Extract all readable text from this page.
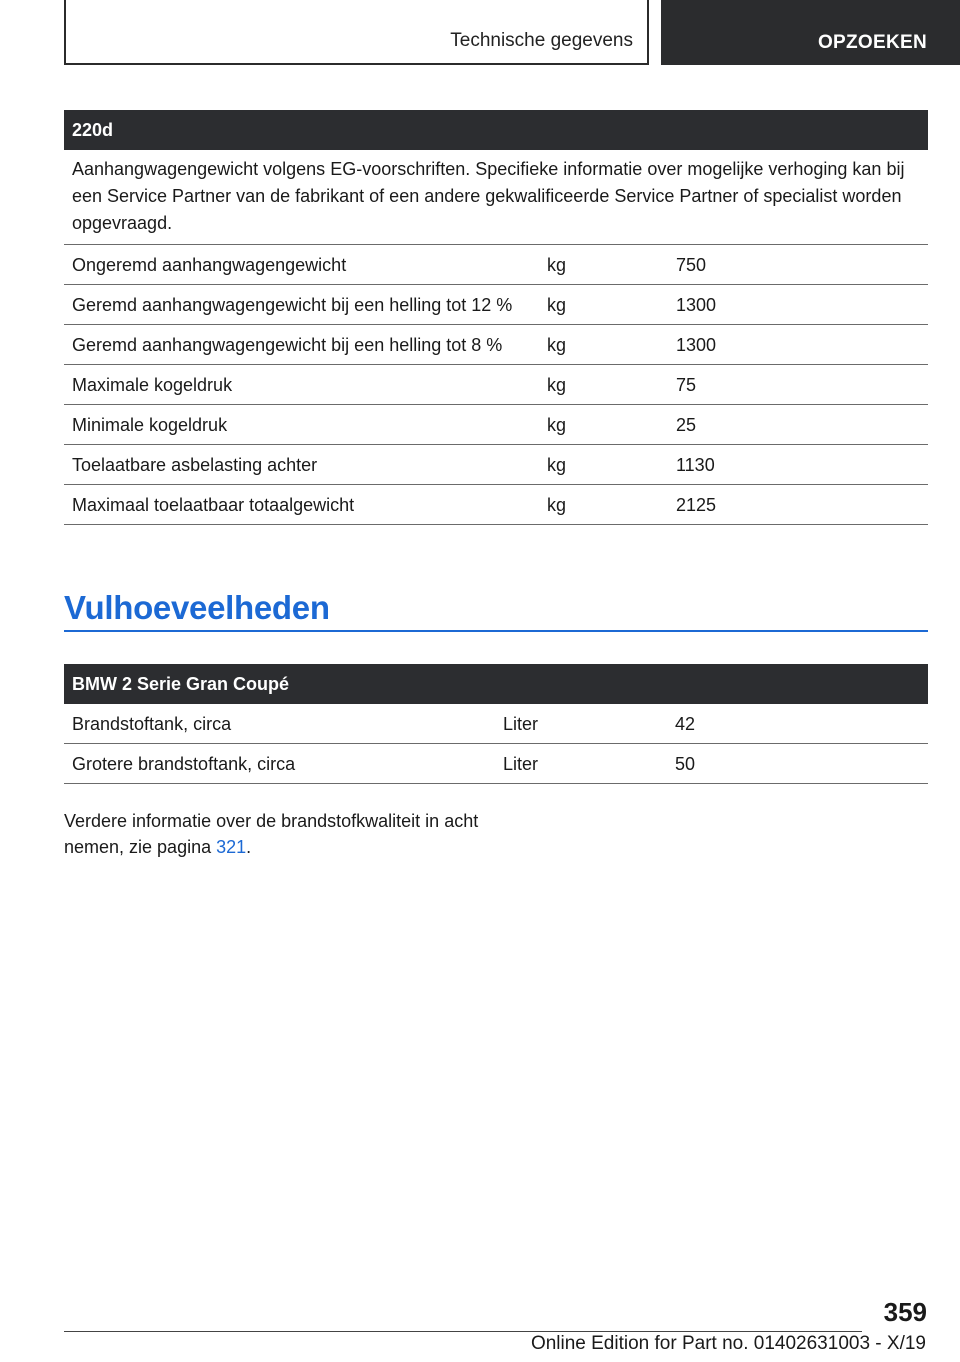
Technische gegevens	OPZOEKEN
220d
Aanhangwagengewicht volgens EG-voorschriften. Specifieke informatie over mogelijke verhoging kan bij een Service Partner van de fabrikant of een andere gekwalificeerde Service Partner of specialist worden opgevraagd.
Ongeremd aanhangwagengewicht	kg	750
Geremd aanhangwagengewicht bij een helling tot 12 %	kg	1300
Geremd aanhangwagengewicht bij een helling tot 8 %	kg	1300
Maximale kogeldruk	kg	75
Minimale kogeldruk	kg	25
Toelaatbare asbelasting achter	kg	1130
Maximaal toelaatbaar totaalgewicht	kg	2125
Vulhoeveelheden
BMW 2 Serie Gran Coupé
Brandstoftank, circa	Liter	42
Grotere brandstoftank, circa	Liter	50

Verdere informatie over de brandstofkwaliteit in acht nemen, zie pagina 321.

359
Online Edition for Part no. 01402631003 - X/19
